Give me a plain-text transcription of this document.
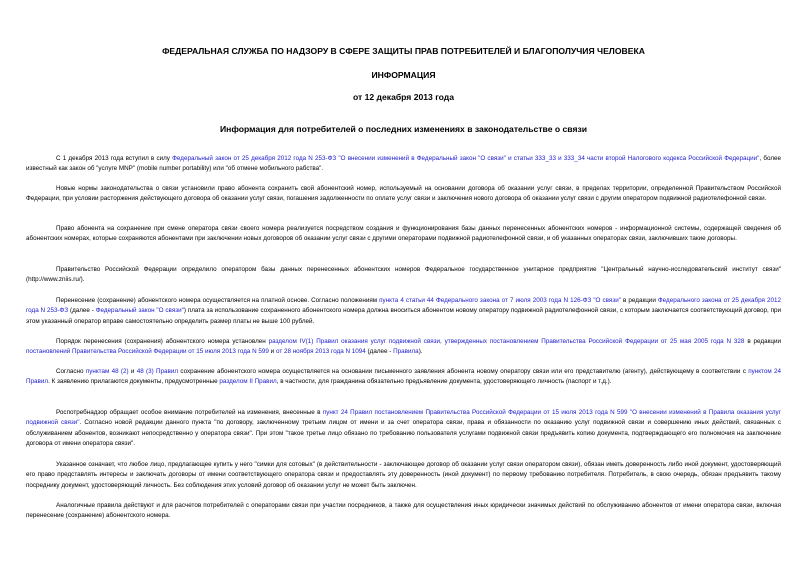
ФЕДЕРАЛЬНАЯ СЛУЖБА ПО НАДЗОРУ В СФЕРЕ ЗАЩИТЫ ПРАВ ПОТРЕБИТЕЛЕЙ И БЛАГОПОЛУЧИЯ ЧЕЛОВЕКА
ИНФОРМАЦИЯ
от 12 декабря 2013 года
Информация для потребителей о последних изменениях в законодательстве о связи
С 1 декабря 2013 года вступил в силу Федеральный закон от 25 декабря 2012 года N 253-ФЗ "О внесении изменений в Федеральный закон "О связи" и статьи 333_33 и 333_34 части второй Налогового кодекса Российской Федерации", более известный как закон об "услуге MNP" (mobile number portability) или "об отмене мобильного рабства".
Новые нормы законодательства о связи установили право абонента сохранить свой абонентский номер, используемый на основании договора об оказании услуг связи, в пределах территории, определенной Правительством Российской Федерации, при условии расторжения действующего договора об оказании услуг связи, погашения задолженности по оплате услуг связи и заключения нового договора об оказании услуг связи с другим оператором подвижной радиотелефонной связи.
Право абонента на сохранение при смене оператора связи своего номера реализуется посредством создания и функционирования базы данных перенесенных абонентских номеров - информационной системы, содержащей сведения об абонентских номерах, которые сохраняются абонентами при заключении новых договоров об оказании услуг связи с другими операторами подвижной радиотелефонной связи, и об указанных операторах связи, заключивших такие договоры.
Правительство Российской Федерации определило оператором базы данных перенесенных абонентских номеров Федеральное государственное унитарное предприятие "Центральный научно-исследовательский институт связи" (http://www.zniis.ru/).
Перенесение (сохранение) абонентского номера осуществляется на платной основе. Согласно положениям пункта 4 статьи 44 Федерального закона от 7 июля 2003 года N 126-ФЗ "О связи" в редакции Федерального закона от 25 декабря 2012 года N 253-ФЗ (далее - Федеральный закон "О связи") плата за использование сохраненного абонентского номера должна вноситься абонентом новому оператору подвижной радиотелефонной связи, с которым заключается соответствующий договор, при этом указанный оператор вправе самостоятельно определить размер платы не выше 100 рублей.
Порядок перенесения (сохранения) абонентского номера установлен разделом IV(1) Правил оказания услуг подвижной связи, утвержденных постановлением Правительства Российской Федерации от 25 мая 2005 года N 328 в редакции постановлений Правительства Российской Федерации от 15 июля 2013 года N 599 и от 28 ноября 2013 года N 1094 (далее - Правила).
Согласно пунктам 48 (2) и 48 (3) Правил сохранение абонентского номера осуществляется на основании письменного заявления абонента новому оператору связи или его представителю (агенту), действующему в соответствии с пунктом 24 Правил. К заявлению прилагаются документы, предусмотренные разделом II Правил, в частности, для гражданина обязательно предъявление документа, удостоверяющего личность (паспорт и т.д.).
Роспотребнадзор обращает особое внимание потребителей на изменения, внесенные в пункт 24 Правил постановлением Правительства Российской Федерации от 15 июля 2013 года N 599 "О внесении изменений в Правила оказания услуг подвижной связи". Согласно новой редакции данного пункта "по договору, заключенному третьим лицом от имени и за счет оператора связи, права и обязанности по оказанию услуг подвижной связи и совершению иных действий, связанных с обслуживанием абонентов, возникают непосредственно у оператора связи". При этом "такое третье лицо обязано по требованию пользователя услугами подвижной связи предъявить копию документа, подтверждающего его полномочия на заключение договора от имени оператора связи".
Указанное означает, что любое лицо, предлагающее купить у него "симки для сотовых" (в действительности - заключающее договор об оказании услуг связи оператором связи), обязан иметь доверенность либо иной документ, удостоверяющий его право представлять интересы и заключать договоры от имени соответствующего оператора связи и предоставлять эту доверенность (иной документ) по первому требованию потребителя. Потребитель, в свою очередь, обязан предъявить такому посреднику документ, удостоверяющий личность. Без соблюдения этих условий договор об оказании услуг не может быть заключен.
Аналогичные правила действуют и для расчетов потребителей с операторами связи при участии посредников, а также для осуществления иных юридически значимых действий по обслуживанию абонентов от имени оператора связи, включая перенесение (сохранение) абонентского номера.
